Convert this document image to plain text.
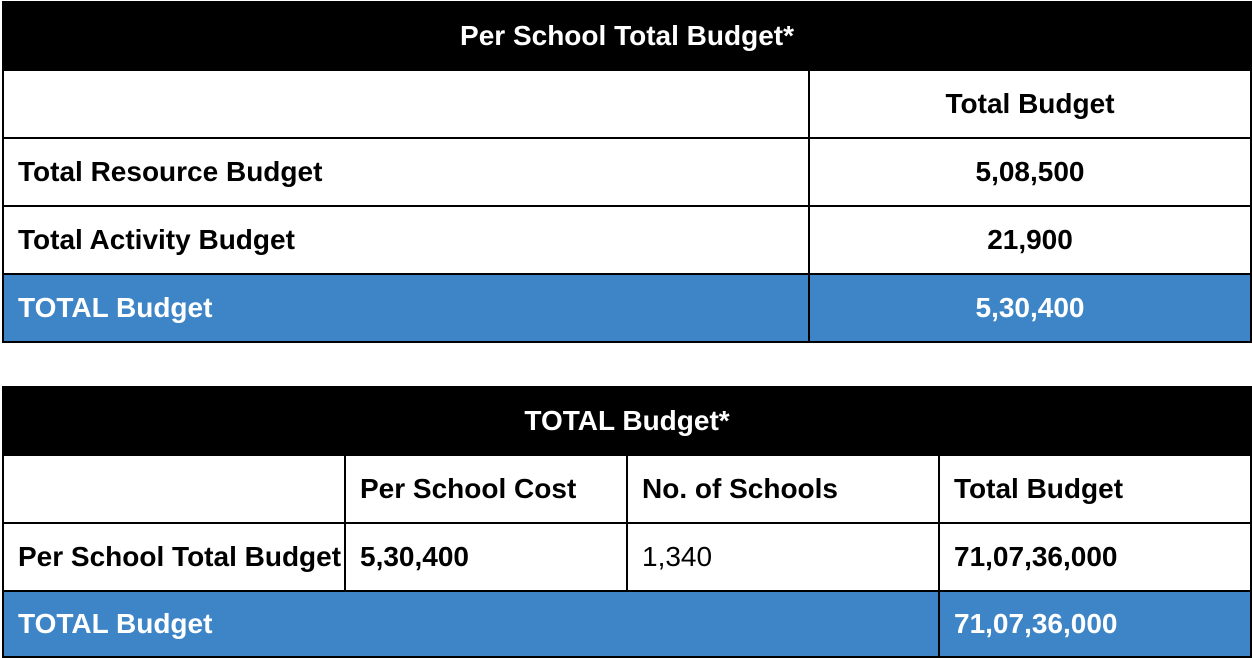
Per School Total Budget*	
	Total Budget
Total Resource Budget	5,08,500
Total Activity Budget	21,900
TOTAL Budget	5,30,400
TOTAL Budget*			
	Per School Cost	No. of Schools	Total Budget
Per School Total Budget	5,30,400	1,340	71,07,36,000
TOTAL Budget			71,07,36,000
